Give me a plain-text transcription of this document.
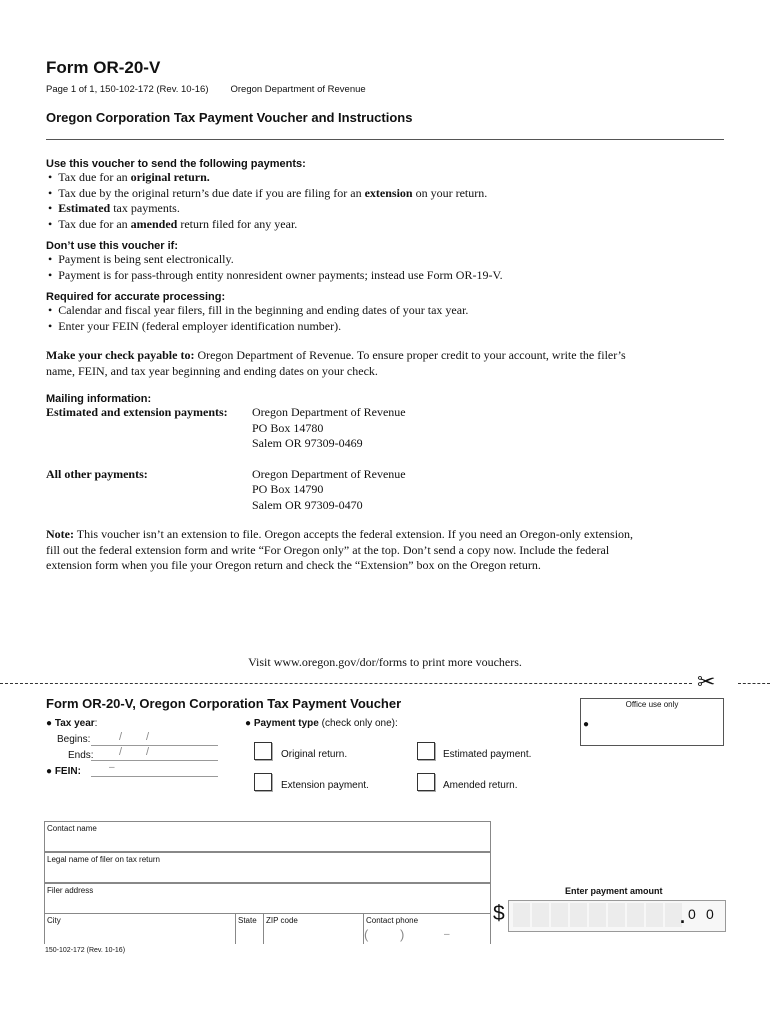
Form OR-20-V
Page 1 of 1, 150-102-172 (Rev. 10-16) Oregon Department of Revenue
Oregon Corporation Tax Payment Voucher and Instructions
Use this voucher to send the following payments:
•  Tax due for an original return.
•  Tax due by the original return’s due date if you are filing for an extension on your return.
•  Estimated tax payments.
•  Tax due for an amended return filed for any year.
Don’t use this voucher if:
•  Payment is being sent electronically.
•  Payment is for pass-through entity nonresident owner payments; instead use Form OR-19-V.
Required for accurate processing:
•  Calendar and fiscal year filers, fill in the beginning and ending dates of your tax year.
•  Enter your FEIN (federal employer identification number).
Make your check payable to: Oregon Department of Revenue. To ensure proper credit to your account, write the filer’s
name, FEIN, and tax year beginning and ending dates on your check.
Mailing information:
Estimated and extension payments:	Oregon Department of Revenue
PO Box 14780
Salem OR 97309-0469
All other payments:	Oregon Department of Revenue
PO Box 14790
Salem OR 97309-0470
Note: This voucher isn’t an extension to file. Oregon accepts the federal extension. If you need an Oregon-only extension,
fill out the federal extension form and write “For Oregon only” at the top. Don’t send a copy now. Include the federal
extension form when you file your Oregon return and check the “Extension” box on the Oregon return.
Visit www.oregon.gov/dor/forms to print more vouchers.
✂
Form OR-20-V, Oregon Corporation Tax Payment Voucher	Office use only
●
● Tax year:
Begins:	/ /
Ends: / /
● FEIN:	–
● Payment type (check only one):
Original return.	Estimated payment.
Extension payment.	Amended return.
Contact name
Legal name of filer on tax return
Filer address
City	State ZIP code	Contact phone
( )	–
Enter payment amount
$	. 0 0
150-102-172 (Rev. 10-16)
